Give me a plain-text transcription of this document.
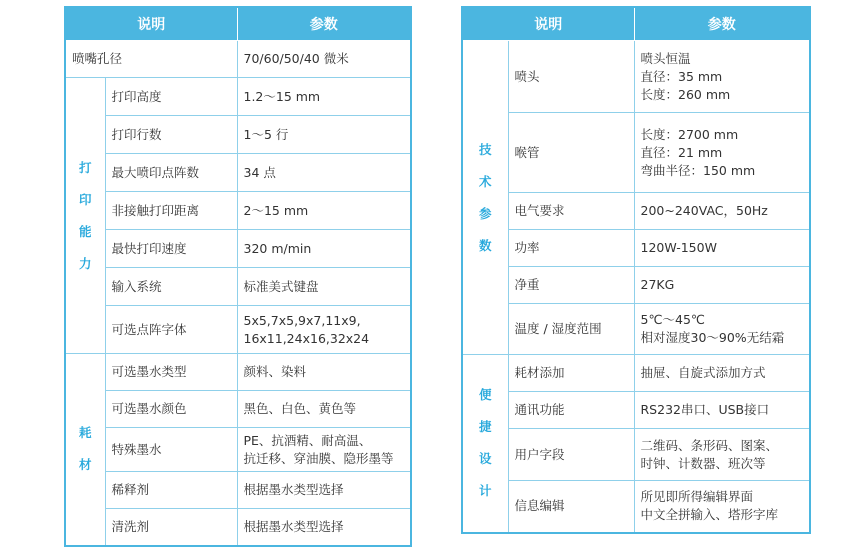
说明		参数
喷嘴孔径		70/60/50/40 微米

打
印
能
力	打印高度	1.2～15 mm
	打印行数	1～5 行
	最大喷印点阵数	34 点
	非接触打印距离	2～15 mm
	最快打印速度	320 m/min
	输入系统	标准美式键盘
	可选点阵字体	5x5,7x5,9x7,11x9,
16x11,24x16,32x24

耗
材	可选墨水类型	颜料、染料
	可选墨水颜色	黑色、白色、黄色等
	特殊墨水	PE、抗酒精、耐高温、
抗迁移、穿油膜、隐形墨等

	稀释剂	根据墨水类型选择
	清洗剂	根据墨水类型选择
说明		参数

技
术
参
数	喷头	喷头恒温
直径：35 mm
长度：260 mm

	喉管	长度：2700 mm
直径：21 mm
弯曲半径：150 mm

	电气要求	200~240VAC，50Hz
	功率	120W-150W
	净重	27KG
	温度 / 湿度范围	5℃～45℃
相对湿度30～90%无结霜

便
捷
设
计	耗材添加	抽屉、自旋式添加方式
	通讯功能	RS232串口、USB接口
	用户字段	二维码、条形码、图案、
时钟、计数器、班次等

	信息编辑	所见即所得编辑界面
中文全拼输入、塔形字库
